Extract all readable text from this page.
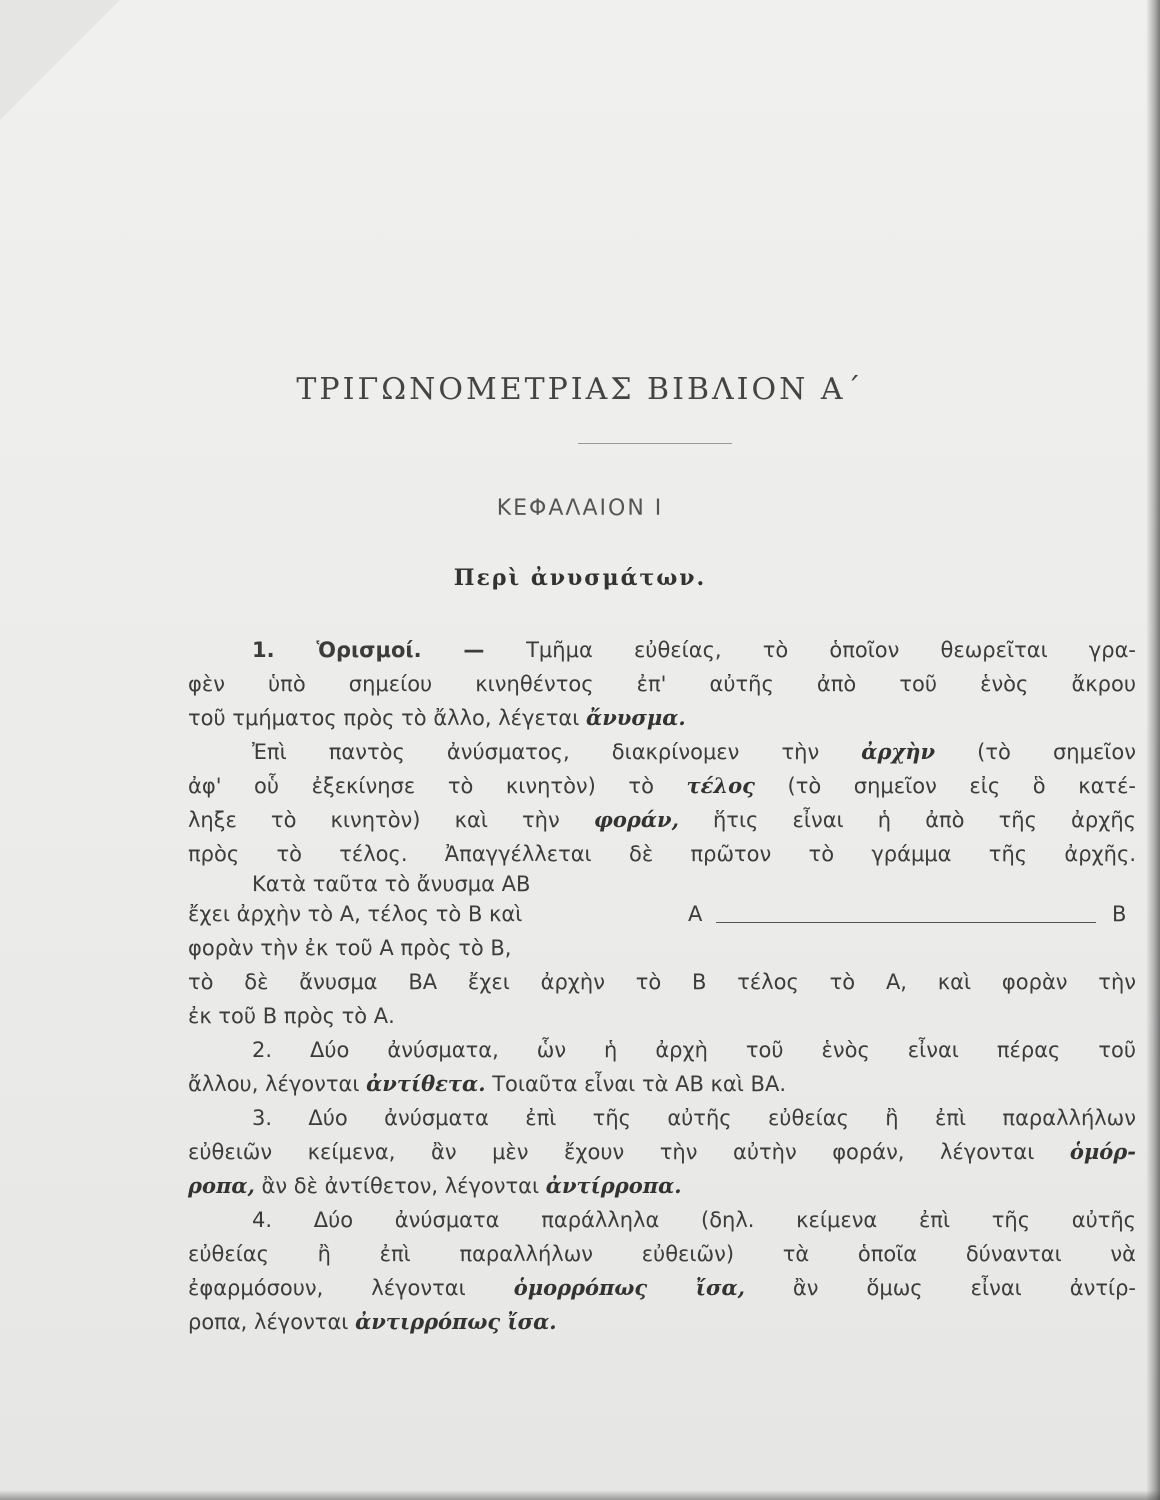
ΤΡΙΓΩΝΟΜΕΤΡΙΑΣ ΒΙΒΛΙΟΝ Α΄
ΚΕΦΑΛΑΙΟΝ Ι
Περὶ ἀνυσμάτων.
1. Ὁρισμοί. — Τμῆμα εὐθείας, τὸ ὁποῖον θεωρεῖται γρα-
φὲν ὑπὸ σημείου κινηθέντος ἐπ' αὐτῆς ἀπὸ τοῦ ἑνὸς ἄκρου
τοῦ τμήματος πρὸς τὸ ἄλλο, λέγεται ἄνυσμα.
Ἐπὶ παντὸς ἀνύσματος, διακρίνομεν τὴν ἀρχὴν (τὸ σημεῖον
ἀφ' οὗ ἐξεκίνησε τὸ κινητὸν) τὸ τέλος (τὸ σημεῖον εἰς ὃ κατέ-
ληξε τὸ κινητὸν) καὶ τὴν φοράν, ἥτις εἶναι ἡ ἀπὸ τῆς ἀρχῆς
πρὸς τὸ τέλος. Ἀπαγγέλλεται δὲ πρῶτον τὸ γράμμα τῆς ἀρχῆς.
Κατὰ ταῦτα τὸ ἄνυσμα ΑΒ
ἔχει ἀρχὴν τὸ Α, τέλος τὸ Β καὶ	Α	Β
φορὰν τὴν ἐκ τοῦ Α πρὸς τὸ Β,
τὸ δὲ ἄνυσμα ΒΑ ἔχει ἀρχὴν τὸ Β τέλος τὸ Α, καὶ φορὰν τὴν
ἐκ τοῦ Β πρὸς τὸ Α.
2. Δύο ἀνύσματα, ὧν ἡ ἀρχὴ τοῦ ἑνὸς εἶναι πέρας τοῦ
ἄλλου, λέγονται ἀντίθετα. Τοιαῦτα εἶναι τὰ ΑΒ καὶ ΒΑ.
3. Δύο ἀνύσματα ἐπὶ τῆς αὐτῆς εὐθείας ἢ ἐπὶ παραλλήλων
εὐθειῶν κείμενα, ἂν μὲν ἔχουν τὴν αὐτὴν φοράν, λέγονται ὁμόρ-
ροπα, ἂν δὲ ἀντίθετον, λέγονται ἀντίρροπα.
4. Δύο ἀνύσματα παράλληλα (δηλ. κείμενα ἐπὶ τῆς αὐτῆς
εὐθείας ἢ ἐπὶ παραλλήλων εὐθειῶν) τὰ ὁποῖα δύνανται νὰ
ἐφαρμόσουν, λέγονται ὁμορρόπως ἴσα, ἂν ὅμως εἶναι ἀντίρ-
ροπα, λέγονται ἀντιρρόπως ἴσα.
